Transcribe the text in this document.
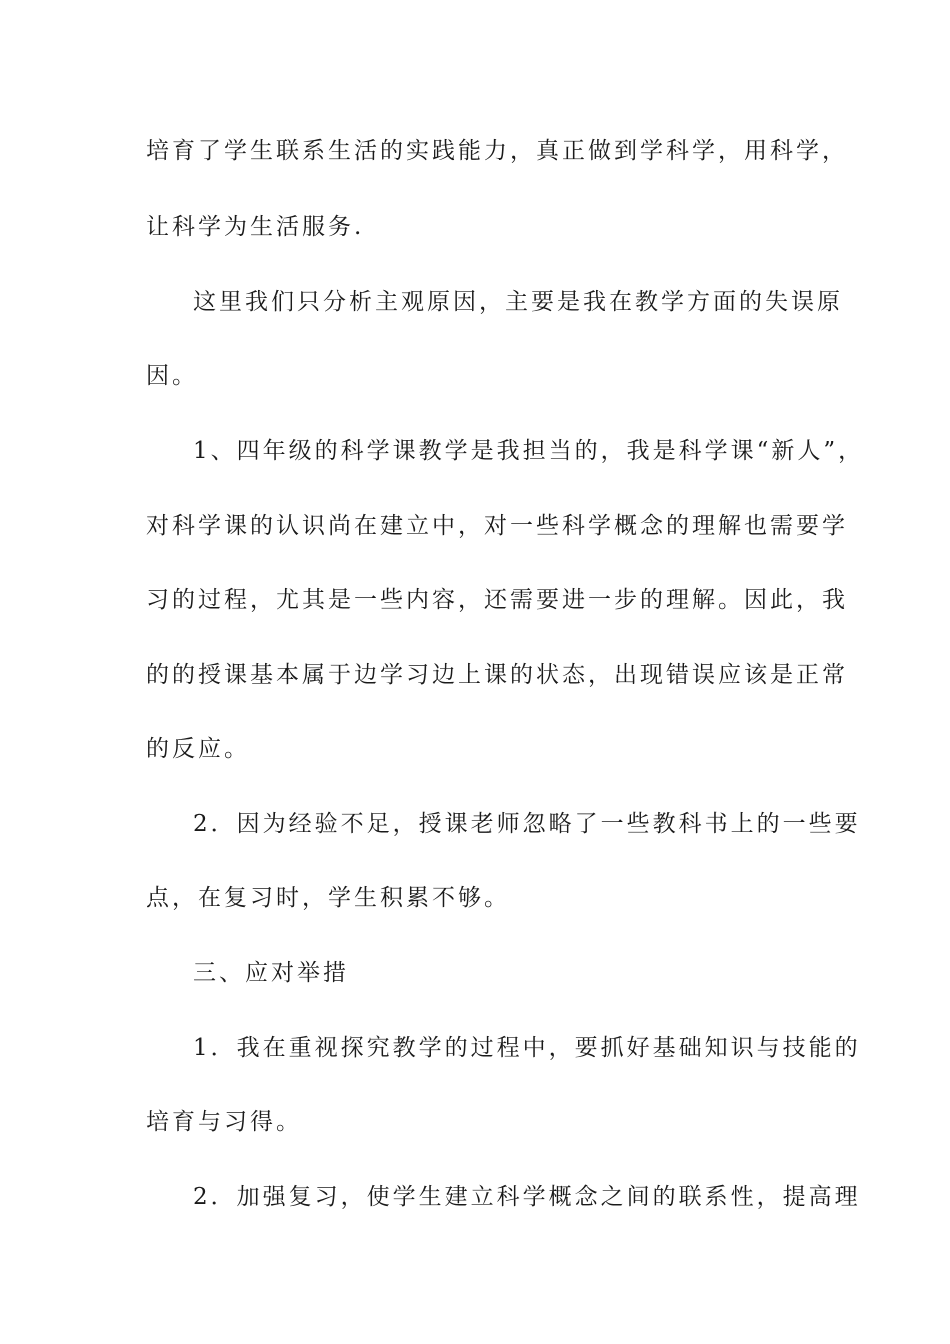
培育了学生联系生活的实践能力，真正做到学科学，用科学，

让科学为生活服务.

这里我们只分析主观原因，主要是我在教学方面的失误原

因。

1、四年级的科学课教学是我担当的，我是科学课“新人”，

对科学课的认识尚在建立中，对一些科学概念的理解也需要学

习的过程，尤其是一些内容，还需要进一步的理解。因此，我

的的授课基本属于边学习边上课的状态，出现错误应该是正常

的反应。

2．因为经验不足，授课老师忽略了一些教科书上的一些要

点，在复习时，学生积累不够。

三、应对举措

1．我在重视探究教学的过程中，要抓好基础知识与技能的

培育与习得。

2．加强复习，使学生建立科学概念之间的联系性，提高理
